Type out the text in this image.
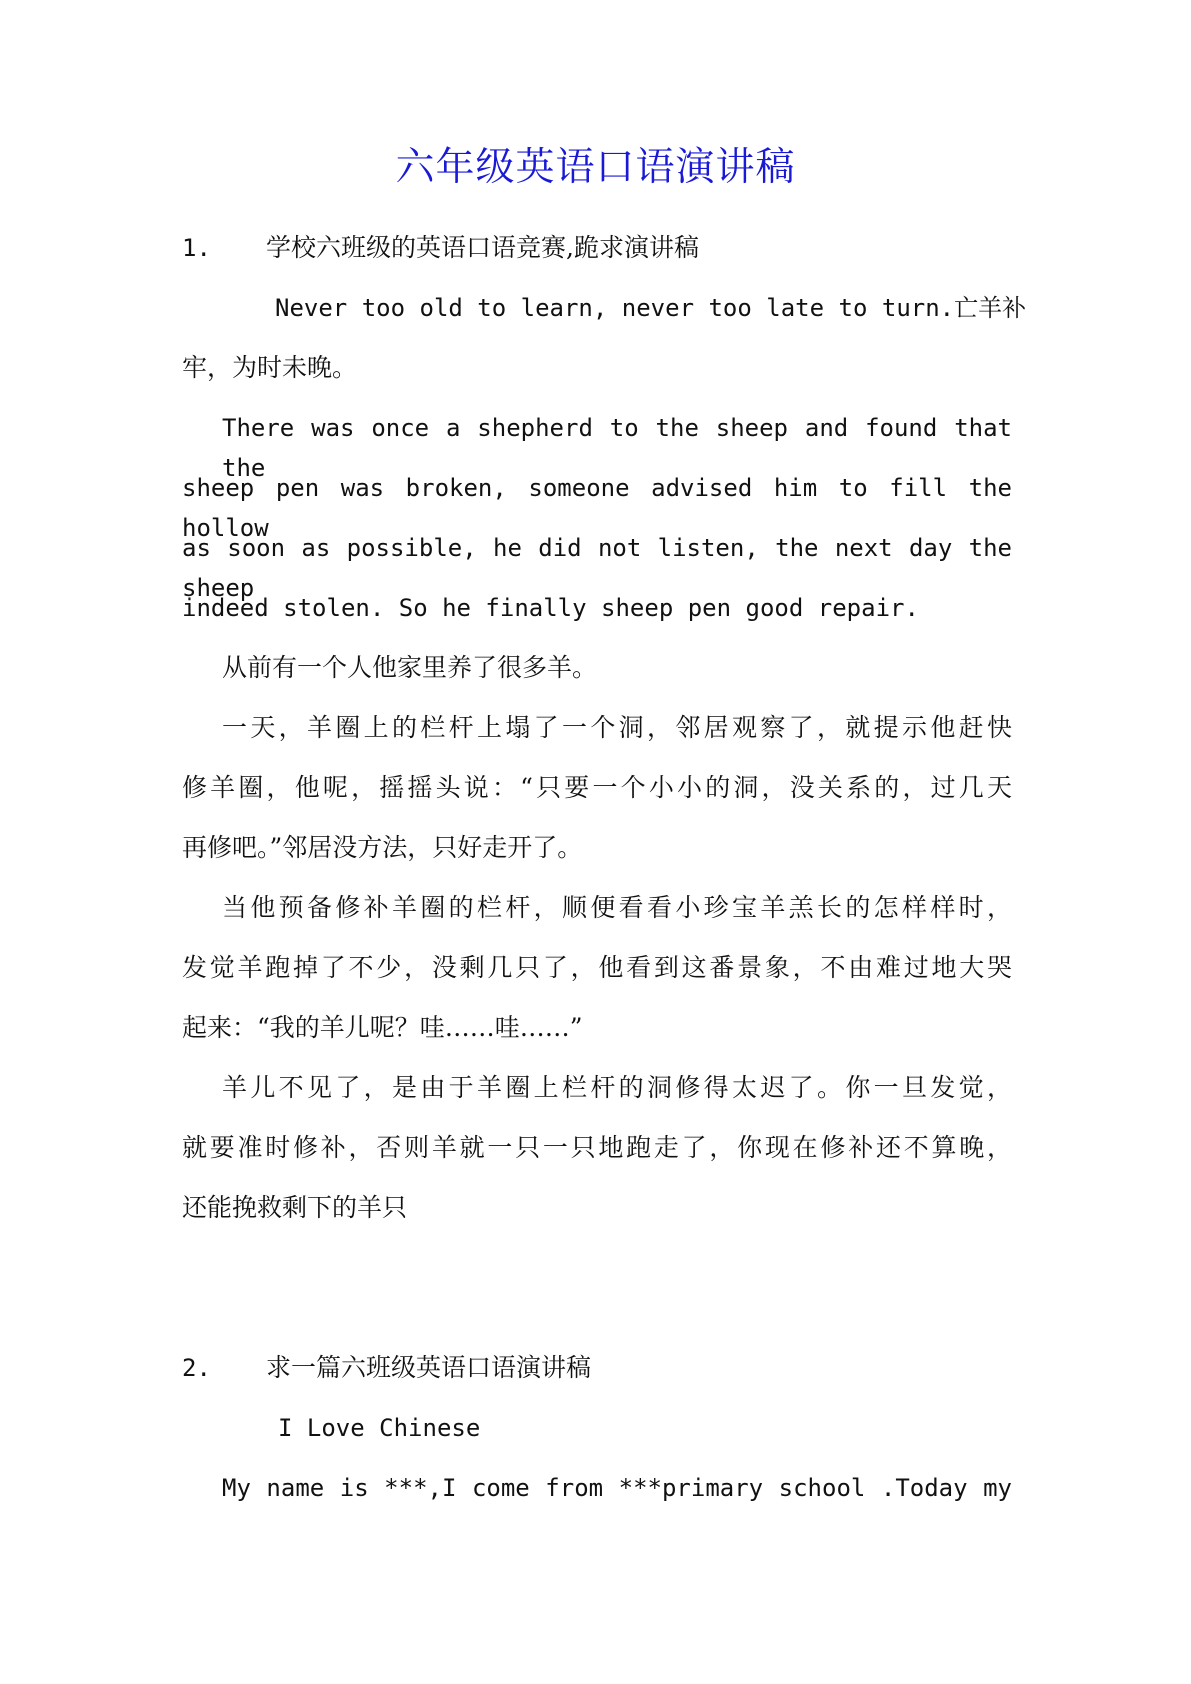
六年级英语口语演讲稿
1. 学校六班级的英语口语竞赛,跪求演讲稿
Never too old to learn, never too late to turn.亡羊补
牢，为时未晚。
There was once a shepherd to the sheep and found that the
sheep pen was broken, someone advised him to fill the hollow
as soon as possible, he did not listen, the next day the sheep
indeed stolen. So he finally sheep pen good repair.
从前有一个人他家里养了很多羊。
一天，羊圈上的栏杆上塌了一个洞，邻居观察了，就提示他赶快
修羊圈，他呢，摇摇头说：“只要一个小小的洞，没关系的，过几天
再修吧。”邻居没方法，只好走开了。
当他预备修补羊圈的栏杆，顺便看看小珍宝羊羔长的怎样样时，
发觉羊跑掉了不少，没剩几只了，他看到这番景象，不由难过地大哭
起来：“我的羊儿呢？哇……哇……”
羊儿不见了，是由于羊圈上栏杆的洞修得太迟了。你一旦发觉，
就要准时修补，否则羊就一只一只地跑走了，你现在修补还不算晚，
还能挽救剩下的羊只
2. 求一篇六班级英语口语演讲稿
I Love Chinese
My name is ***,I come from ***primary school .Today my
